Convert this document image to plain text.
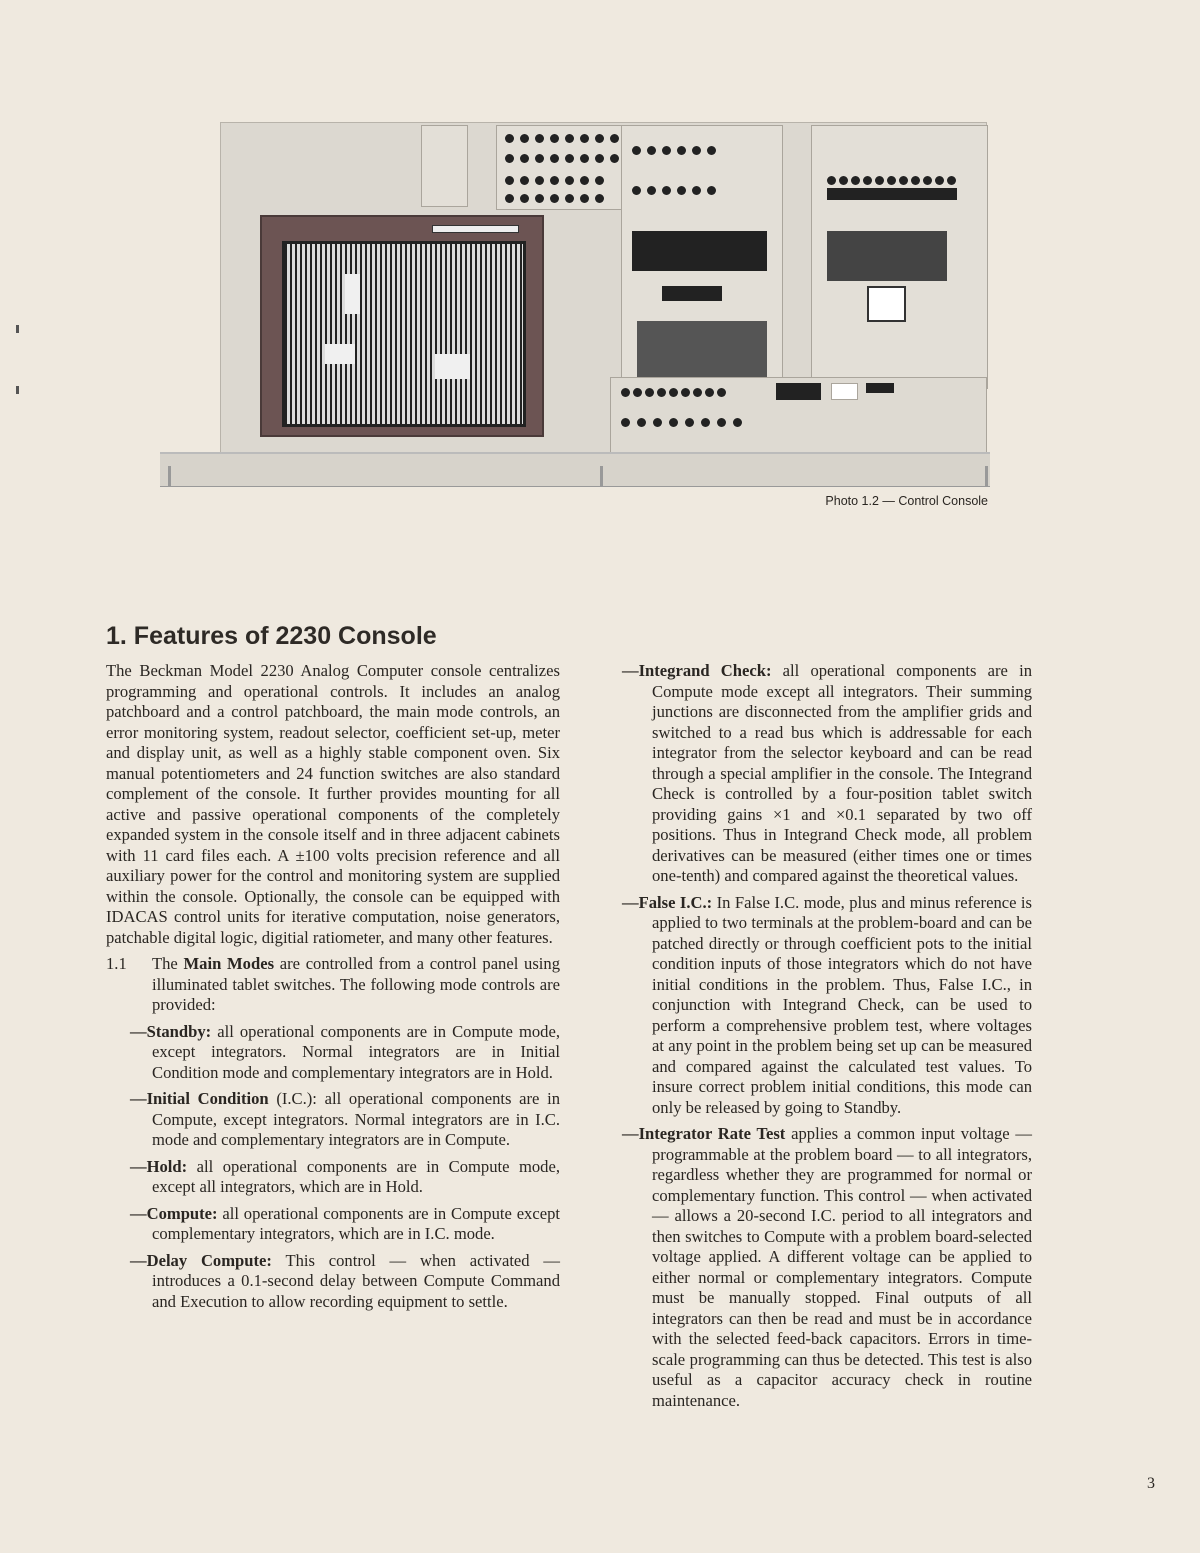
Photo 1.2 — Control Console
1. Features of 2230 Console

The Beckman Model 2230 Analog Computer console centralizes programming and operational controls. It includes an analog patchboard and a control patchboard, the main mode controls, an error monitoring system, readout selector, coefficient set-up, meter and display unit, as well as a highly stable component oven. Six manual potentiometers and 24 function switches are also standard complement of the console. It further provides mounting for all active and passive operational components of the completely expanded system in the console itself and in three adjacent cabinets with 11 card files each. A ±100 volts precision reference and all auxiliary power for the control and monitoring system are supplied within the console. Optionally, the console can be equipped with IDACAS control units for iterative computation, noise generators, patchable digital logic, digitial ratiometer, and many other features.

1.1 The Main Modes are controlled from a control panel using illuminated tablet switches. The following mode controls are provided:

—Standby: all operational components are in Compute mode, except integrators. Normal integrators are in Initial Condition mode and complementary integrators are in Hold.

—Initial Condition (I.C.): all operational components are in Compute, except integrators. Normal integrators are in I.C. mode and complementary integrators are in Compute.

—Hold: all operational components are in Compute mode, except all integrators, which are in Hold.

—Compute: all operational components are in Compute except complementary integrators, which are in I.C. mode.

—Delay Compute: This control — when activated — introduces a 0.1-second delay between Compute Command and Execution to allow recording equipment to settle.

—Integrand Check: all operational components are in Compute mode except all integrators. Their summing junctions are disconnected from the amplifier grids and switched to a read bus which is addressable for each integrator from the selector keyboard and can be read through a special amplifier in the console. The Integrand Check is controlled by a four-position tablet switch providing gains ×1 and ×0.1 separated by two off positions. Thus in Integrand Check mode, all problem derivatives can be measured (either times one or times one-tenth) and compared against the theoretical values.

—False I.C.: In False I.C. mode, plus and minus reference is applied to two terminals at the problem-board and can be patched directly or through coefficient pots to the initial condition inputs of those integrators which do not have initial conditions in the problem. Thus, False I.C., in conjunction with Integrand Check, can be used to perform a comprehensive problem test, where voltages at any point in the problem being set up can be measured and compared against the calculated test values. To insure correct problem initial conditions, this mode can only be released by going to Standby.

—Integrator Rate Test applies a common input voltage — programmable at the problem board — to all integrators, regardless whether they are programmed for normal or complementary function. This control — when activated — allows a 20-second I.C. period to all integrators and then switches to Compute with a problem board-selected voltage applied. A different voltage can be applied to either normal or complementary integrators. Compute must be manually stopped. Final outputs of all integrators can then be read and must be in accordance with the selected feed-back capacitors. Errors in time-scale programming can thus be detected. This test is also useful as a capacitor accuracy check in routine maintenance.

3
